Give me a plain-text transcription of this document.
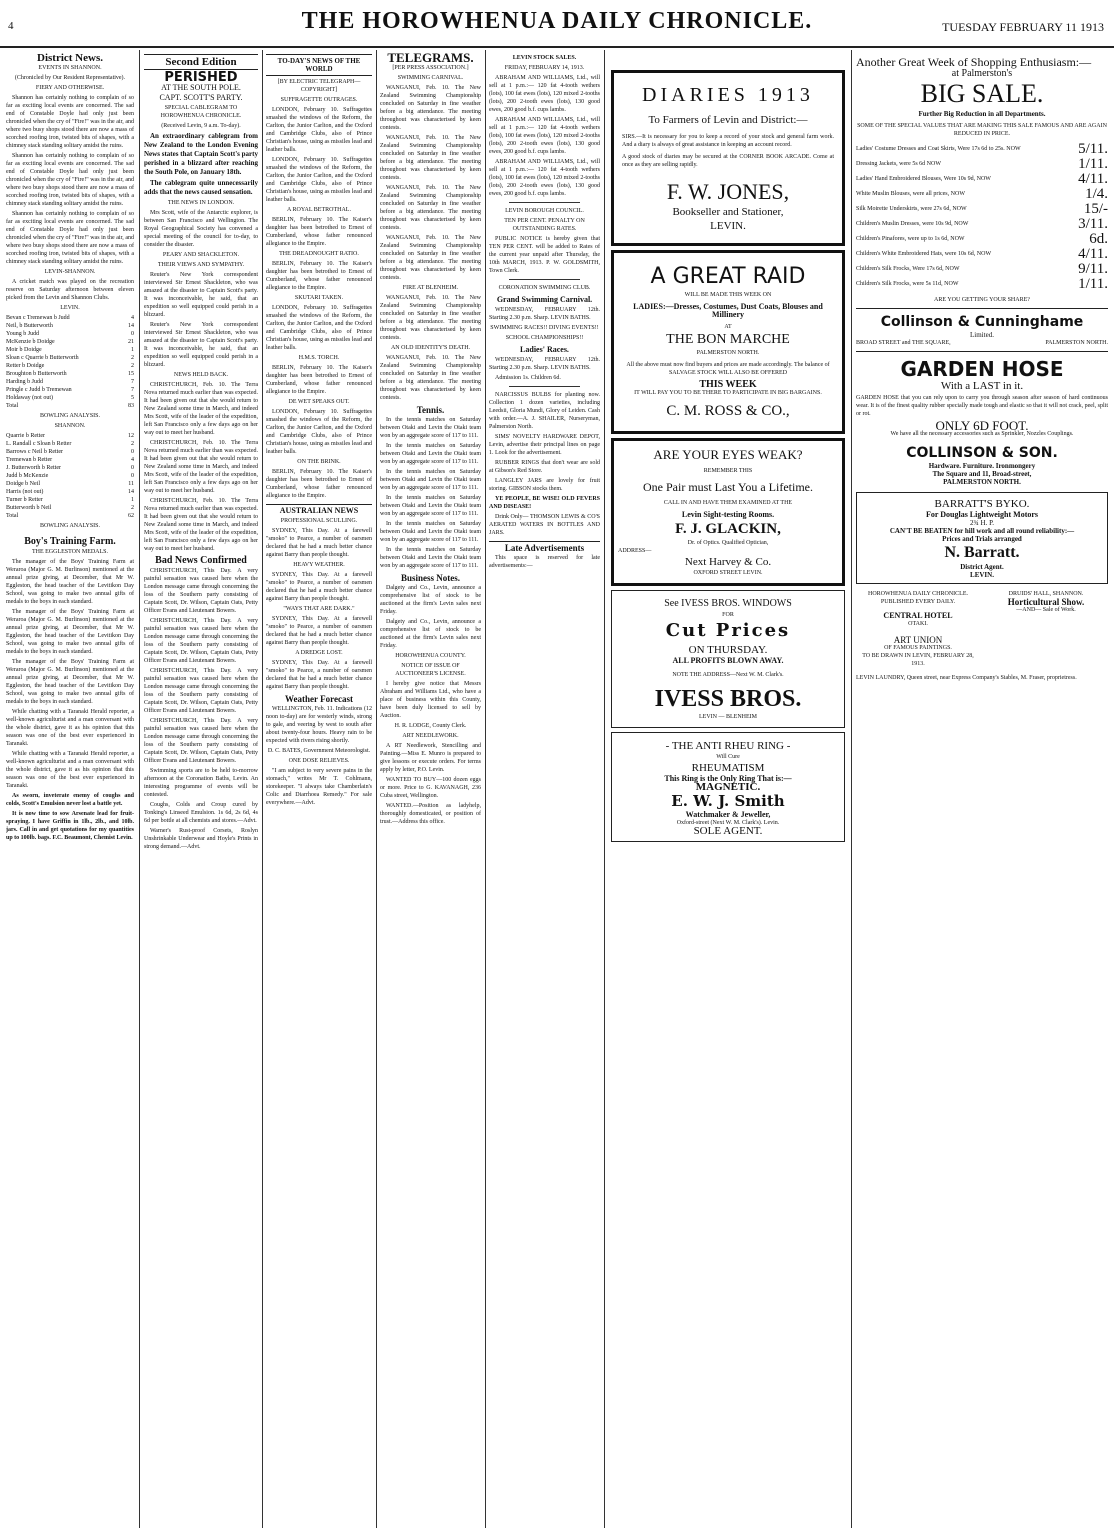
4	THE HOROWHENUA DAILY CHRONICLE.	TUESDAY FEBRUARY 11 1913
District News.
EVENTS IN SHANNON.
(Chronicled by Our Resident Representative).
FIERY AND OTHERWISE.

Shannon has certainly nothing to complain of so far as exciting local events are concerned. The sad end of Constable Doyle had only just been chronicled when the cry of "Fire!" was in the air, and where two busy shops stood there are now a mass of scorched roofing iron, twisted bits of shapes, with a chimney stack standing solitary amidst the ruins.

Shannon has certainly nothing to complain of so far as exciting local events are concerned. The sad end of Constable Doyle had only just been chronicled when the cry of "Fire!" was in the air, and where two busy shops stood there are now a mass of scorched roofing iron, twisted bits of shapes, with a chimney stack standing solitary amidst the ruins.

Shannon has certainly nothing to complain of so far as exciting local events are concerned. The sad end of Constable Doyle had only just been chronicled when the cry of "Fire!" was in the air, and where two busy shops stood there are now a mass of scorched roofing iron, twisted bits of shapes, with a chimney stack standing solitary amidst the ruins.

LEVIN-SHANNON.

A cricket match was played on the recreation reserve on Saturday afternoon between eleven picked from the Levin and Shannon Clubs.

LEVIN.
Bevan c Tremewan b Judd	4
Neil, b Butterworth	14
Young b Judd	0
McKenzie b Doidge	21
Moir b Doidge	1
Sloan c Quarrie b Butterworth	2
Retter b Doidge	2
Broughton b Butterworth	15
Harding b Judd	7
Pringle c Judd b Tremewan	7
Holdaway (not out)	5
Total	83
BOWLING ANALYSIS.
SHANNON.
Quarrie b Retter	12
L. Randall c Sloan b Retter	2
Barrows c Neil b Retter	0
Tremewan b Retter	4
J. Butterworth b Retter	0
Judd b McKenzie	0
Doidge b Neil	11
Harris (not out)	14
Turner b Retter	1
Butterworth b Neil	2
Total	62
BOWLING ANALYSIS.
Boy's Training Farm.
THE EGGLESTON MEDALS.

The manager of the Boys' Training Farm at Weraroa (Major G. M. Burlinson) mentioned at the annual prize giving, at December, that Mr W. Eggleston, the head teacher of the Levitikon Day School, was going to make two annual gifts of medals to the boys in each standard.

The manager of the Boys' Training Farm at Weraroa (Major G. M. Burlinson) mentioned at the annual prize giving, at December, that Mr W. Eggleston, the head teacher of the Levitikon Day School, was going to make two annual gifts of medals to the boys in each standard.

The manager of the Boys' Training Farm at Weraroa (Major G. M. Burlinson) mentioned at the annual prize giving, at December, that Mr W. Eggleston, the head teacher of the Levitikon Day School, was going to make two annual gifts of medals to the boys in each standard.

While chatting with a Taranaki Herald reporter, a well-known agriculturist and a man conversant with the whole district, gave it as his opinion that this season was one of the best ever experienced in Taranaki.

While chatting with a Taranaki Herald reporter, a well-known agriculturist and a man conversant with the whole district, gave it as his opinion that this season was one of the best ever experienced in Taranaki.

As sworn, inveterate enemy of coughs and colds, Scott's Emulsion never lost a battle yet.

It is now time to sow Arsenate lead for fruit-spraying. I have Griffin in 1lb., 2lb., and 10lb. jars. Call in and get quotations for my quantities up to 100lb. bags. F.C. Beaumont, Chemist Levin.

Second Edition
PERISHED
AT THE SOUTH POLE.
CAPT. SCOTT'S PARTY.
SPECIAL CABLEGRAM TO HOROWHENUA CHRONICLE.
(Received Levin, 9 a.m. To-day).

An extraordinary cablegram from New Zealand to the London Evening News states that Captain Scott's party perished in a blizzard after reaching the South Pole, on January 18th.

The cablegram quite unnecessarily adds that the news caused sensation.

THE NEWS IN LONDON.

Mrs Scott, wife of the Antarctic explorer, is between San Francisco and Wellington. The Royal Geographical Society has convened a special meeting of the council for to-day, to consider the disaster.

PEARY AND SHACKLETON.
THEIR VIEWS AND SYMPATHY.

Reuter's New York correspondent interviewed Sir Ernest Shackleton, who was amazed at the disaster to Captain Scott's party. It was inconceivable, he said, that an expedition so well equipped could perish in a blizzard.

Reuter's New York correspondent interviewed Sir Ernest Shackleton, who was amazed at the disaster to Captain Scott's party. It was inconceivable, he said, that an expedition so well equipped could perish in a blizzard.

NEWS HELD BACK.

CHRISTCHURCH, Feb. 10. The Terra Nova returned much earlier than was expected. It had been given out that she would return to New Zealand some time in March, and indeed Mrs Scott, wife of the leader of the expedition, left San Francisco only a few days ago on her way out to meet her husband.

CHRISTCHURCH, Feb. 10. The Terra Nova returned much earlier than was expected. It had been given out that she would return to New Zealand some time in March, and indeed Mrs Scott, wife of the leader of the expedition, left San Francisco only a few days ago on her way out to meet her husband.

CHRISTCHURCH, Feb. 10. The Terra Nova returned much earlier than was expected. It had been given out that she would return to New Zealand some time in March, and indeed Mrs Scott, wife of the leader of the expedition, left San Francisco only a few days ago on her way out to meet her husband.

Bad News Confirmed

CHRISTCHURCH, This Day. A very painful sensation was caused here when the London message came through concerning the loss of the Southern party consisting of Captain Scott, Dr. Wilson, Captain Oats, Petty Officer Evans and Lieutenant Bowers.

CHRISTCHURCH, This Day. A very painful sensation was caused here when the London message came through concerning the loss of the Southern party consisting of Captain Scott, Dr. Wilson, Captain Oats, Petty Officer Evans and Lieutenant Bowers.

CHRISTCHURCH, This Day. A very painful sensation was caused here when the London message came through concerning the loss of the Southern party consisting of Captain Scott, Dr. Wilson, Captain Oats, Petty Officer Evans and Lieutenant Bowers.

CHRISTCHURCH, This Day. A very painful sensation was caused here when the London message came through concerning the loss of the Southern party consisting of Captain Scott, Dr. Wilson, Captain Oats, Petty Officer Evans and Lieutenant Bowers.

Swimming sports are to be held to-morrow afternoon at the Coronation Baths, Levin. An interesting programme of events will be contested.

Coughs, Colds and Croup cured by Tonking's Linseed Emulsion. 1s 6d, 2s 6d, 4s 6d per bottle at all chemists and stores.—Advt.

Warner's Rust-proof Corsets, Roslyn Unshrinkable Underwear and Hoyle's Prints in strong demand.—Advt.

TO-DAY'S NEWS OF THE WORLD
[BY ELECTRIC TELEGRAPH—COPYRIGHT]
SUFFRAGETTE OUTRAGES.

LONDON, February 10. Suffragettes smashed the windows of the Reform, the Carlton, the Junior Carlton, and the Oxford and Cambridge Clubs, also of Prince Christian's house, using as missiles lead and leather balls.

LONDON, February 10. Suffragettes smashed the windows of the Reform, the Carlton, the Junior Carlton, and the Oxford and Cambridge Clubs, also of Prince Christian's house, using as missiles lead and leather balls.

A ROYAL BETROTHAL.

BERLIN, February 10. The Kaiser's daughter has been betrothed to Ernest of Cumberland, whose father renounced allegiance to the Empire.

THE DREADNOUGHT RATIO.

BERLIN, February 10. The Kaiser's daughter has been betrothed to Ernest of Cumberland, whose father renounced allegiance to the Empire.

SKUTARI TAKEN.

LONDON, February 10. Suffragettes smashed the windows of the Reform, the Carlton, the Junior Carlton, and the Oxford and Cambridge Clubs, also of Prince Christian's house, using as missiles lead and leather balls.

H.M.S. TORCH.

BERLIN, February 10. The Kaiser's daughter has been betrothed to Ernest of Cumberland, whose father renounced allegiance to the Empire.

DE WET SPEAKS OUT.

LONDON, February 10. Suffragettes smashed the windows of the Reform, the Carlton, the Junior Carlton, and the Oxford and Cambridge Clubs, also of Prince Christian's house, using as missiles lead and leather balls.

ON THE BRINK.

BERLIN, February 10. The Kaiser's daughter has been betrothed to Ernest of Cumberland, whose father renounced allegiance to the Empire.

AUSTRALIAN NEWS
PROFESSIONAL SCULLING.

SYDNEY, This Day. At a farewell "smoko" to Pearce, a number of oarsmen declared that he had a much better chance against Barry than people thought.

HEAVY WEATHER.

SYDNEY, This Day. At a farewell "smoko" to Pearce, a number of oarsmen declared that he had a much better chance against Barry than people thought.

"WAYS THAT ARE DARK."

SYDNEY, This Day. At a farewell "smoko" to Pearce, a number of oarsmen declared that he had a much better chance against Barry than people thought.

A DREDGE LOST.

SYDNEY, This Day. At a farewell "smoko" to Pearce, a number of oarsmen declared that he had a much better chance against Barry than people thought.

Weather Forecast

WELLINGTON, Feb. 11. Indications (12 noon to-day) are for westerly winds, strong to gale, and veering by west to south after about twenty-four hours. Heavy rain to be expected with rivers rising shortly.

D. C. BATES, Government Meteorologist.
ONE DOSE RELIEVES.

"I am subject to very severe pains in the stomach," writes Mr T. Cohlmann, storekeeper. "I always take Chamberlain's Colic and Diarrhoea Remedy." For sale everywhere.—Advt.

TELEGRAMS.
[PER PRESS ASSOCIATION.]
SWIMMING CARNIVAL.

WANGANUI, Feb. 10. The New Zealand Swimming Championship concluded on Saturday in fine weather before a big attendance. The meeting throughout was characterised by keen contests.

WANGANUI, Feb. 10. The New Zealand Swimming Championship concluded on Saturday in fine weather before a big attendance. The meeting throughout was characterised by keen contests.

WANGANUI, Feb. 10. The New Zealand Swimming Championship concluded on Saturday in fine weather before a big attendance. The meeting throughout was characterised by keen contests.

WANGANUI, Feb. 10. The New Zealand Swimming Championship concluded on Saturday in fine weather before a big attendance. The meeting throughout was characterised by keen contests.

FIRE AT BLENHEIM.

WANGANUI, Feb. 10. The New Zealand Swimming Championship concluded on Saturday in fine weather before a big attendance. The meeting throughout was characterised by keen contests.

AN OLD IDENTITY'S DEATH.

WANGANUI, Feb. 10. The New Zealand Swimming Championship concluded on Saturday in fine weather before a big attendance. The meeting throughout was characterised by keen contests.

Tennis.

In the tennis matches on Saturday between Otaki and Levin the Otaki team won by an aggregate score of 117 to 111.

In the tennis matches on Saturday between Otaki and Levin the Otaki team won by an aggregate score of 117 to 111.

In the tennis matches on Saturday between Otaki and Levin the Otaki team won by an aggregate score of 117 to 111.

In the tennis matches on Saturday between Otaki and Levin the Otaki team won by an aggregate score of 117 to 111.

In the tennis matches on Saturday between Otaki and Levin the Otaki team won by an aggregate score of 117 to 111.

In the tennis matches on Saturday between Otaki and Levin the Otaki team won by an aggregate score of 117 to 111.

Business Notes.

Dalgety and Co., Levin, announce a comprehensive list of stock to be auctioned at the firm's Levin sales next Friday.

Dalgety and Co., Levin, announce a comprehensive list of stock to be auctioned at the firm's Levin sales next Friday.

HOROWHENUA COUNTY.
NOTICE OF ISSUE OF AUCTIONEER'S LICENSE.

I hereby give notice that Messrs Abraham and Williams Ltd., who have a place of business within this County, have been duly licensed to sell by Auction.

H. R. LODGE, County Clerk.
ART NEEDLEWORK.

A RT Needlework, Stencilling and Painting.—Miss E. Munro is prepared to give lessons or execute orders. For terms apply by letter, P.O. Levin.

WANTED TO BUY—100 dozen eggs or more. Price to G. KAVANAGH, 236 Cuba street, Wellington.

WANTED.—Position as ladyhelp, thoroughly domesticated, or position of trust.—Address this office.

LEVIN STOCK SALES.
FRIDAY, FEBRUARY 14, 1913.

ABRAHAM AND WILLIAMS, Ltd., will sell at 1 p.m.:— 120 fat 4-tooth wethers (lots), 100 fat ewes (lots), 120 mixed 2-tooths (lots), 200 2-tooth ewes (lots), 130 good ewes, 200 good b.f. cups lambs.

ABRAHAM AND WILLIAMS, Ltd., will sell at 1 p.m.:— 120 fat 4-tooth wethers (lots), 100 fat ewes (lots), 120 mixed 2-tooths (lots), 200 2-tooth ewes (lots), 130 good ewes, 200 good b.f. cups lambs.

ABRAHAM AND WILLIAMS, Ltd., will sell at 1 p.m.:— 120 fat 4-tooth wethers (lots), 100 fat ewes (lots), 120 mixed 2-tooths (lots), 200 2-tooth ewes (lots), 130 good ewes, 200 good b.f. cups lambs.

LEVIN BOROUGH COUNCIL.
TEN PER CENT. PENALTY ON OUTSTANDING RATES.

PUBLIC NOTICE is hereby given that TEN PER CENT. will be added to Rates of the current year unpaid after Thursday, the 10th MARCH, 1913. P. W. GOLDSMITH, Town Clerk.

CORONATION SWIMMING CLUB.
Grand Swimming Carnival.

WEDNESDAY, FEBRUARY 12th. Starting 2.30 p.m. Sharp. LEVIN BATHS.

SWIMMING RACES!! DIVING EVENTS!!
SCHOOL CHAMPIONSHIPS!!
Ladies' Races.

WEDNESDAY, FEBRUARY 12th. Starting 2.30 p.m. Sharp. LEVIN BATHS.

Admission 1s. Children 6d.

NARCISSUS BULBS for planting now. Collection 1 dozen varieties, including Leedsii, Gloria Mundi, Glory of Leiden. Cash with order.—A. J. SHAILER, Nurseryman, Palmerston North.

SIMS' NOVELTY HARDWARE DEPOT, Levin, advertise their principal lines on page 1. Look for the advertisement.

RUBBER RINGS that don't wear are sold at Gibson's Red Store.

LANGLEY JARS are lovely for fruit storing. GIBSON stocks them.

YE PEOPLE, BE WISE! OLD FEVERS AND DISEASE!

Drink Only— THOMSON LEWIS & CO'S AERATED WATERS IN BOTTLES AND JARS.

Late Advertisements

This space is reserved for late advertisements:—

DIARIES 1913
To Farmers of Levin and District:—

SIRS.—It is necessary for you to keep a record of your stock and general farm work. And a diary is always of great assistance in keeping an account record.

A good stock of diaries may be secured at the CORNER BOOK ARCADE. Come at once as they are selling rapidly.

F. W. JONES,
Bookseller and Stationer,
LEVIN.
A GREAT RAID
WILL BE MADE THIS WEEK ON
LADIES:—Dresses, Costumes, Dust Coats, Blouses and Millinery
AT
THE BON MARCHE
PALMERSTON NORTH.

All the above must now find buyers and prices are made accordingly. The balance of SALVAGE STOCK WILL ALSO BE OFFERED

THIS WEEK
IT WILL PAY YOU TO BE THERE TO PARTICIPATE IN BIG BARGAINS.
C. M. ROSS & CO.,
ARE YOUR EYES WEAK?
REMEMBER THIS
One Pair must Last You a Lifetime.
CALL IN AND HAVE THEM EXAMINED AT THE
Levin Sight-testing Rooms.
F. J. GLACKIN,
Dr. of Optics. Qualified Optician,
ADDRESS—
Next Harvey & Co.
OXFORD STREET LEVIN.
See IVESS BROS. WINDOWS
FOR
Cut Prices
ON THURSDAY.
ALL PROFITS BLOWN AWAY.
NOTE THE ADDRESS—Next W. M. Clark's.
IVESS BROS.
LEVIN — BLENHEIM
- THE ANTI RHEU RING -
Will Cure
RHEUMATISM
This Ring is the Only Ring That is:—
MAGNETIC.
E. W. J. Smith
Watchmaker & Jeweller,
Oxford-street (Next W. M. Clark's). Levin.
SOLE AGENT.
Another Great Week of Shopping Enthusiasm:—
at Palmerston's
BIG SALE.
Further Big Reduction in all Departments.
SOME OF THE SPECIAL VALUES THAT ARE MAKING THIS SALE FAMOUS AND ARE AGAIN REDUCED IN PRICE.
Ladies' Costume Dresses and Coat Skirts, Were 17s 6d to 25s. NOW	5/11.
Dressing Jackets, were 5s 6d NOW	1/11.
Ladies' Hand Embroidered Blouses, Were 10s 9d, NOW	4/11.
White Muslin Blouses, were all prices, NOW	1/4.
Silk Moirette Underskirts, were 27s 6d, NOW	15/-
Children's Muslin Dresses, were 10s 9d, NOW	3/11.
Children's Pinafores, were up to 1s 6d, NOW	6d.
Children's White Embroidered Hats, were 10s 6d, NOW	4/11.
Children's Silk Frocks, Were 17s 6d, NOW	9/11.
Children's Silk Frocks, were 5s 11d, NOW	1/11.
ARE YOU GETTING YOUR SHARE?
Collinson & Cunninghame
Limited.
BROAD STREET and THE SQUARE,	PALMERSTON NORTH.
GARDEN HOSE
With a LAST in it.

GARDEN HOSE that you can rely upon to carry you through season after season of hard continuous wear. It is of the finest quality rubber specially made tough and elastic so that it will not crack, peel, split or rot.

ONLY 6D FOOT.
We have all the necessary accessories such as Sprinkler, Nozzles Couplings.
COLLINSON & SON.
Hardware. Furniture. Ironmongery
The Square and 11, Broad-street,
PALMERSTON NORTH.
BARRATT'S BYKO.
For Douglas Lightweight Motors
2¾ H. P.
CAN'T BE BEATEN for hill work and all round reliability:—
Prices and Trials arranged
N. Barratt.
District Agent.
LEVIN.
HOROWHENUA DAILY CHRONICLE.
PUBLISHED EVERY DAILY.
CENTRAL HOTEL
OTAKI.
ART UNION
OF FAMOUS PAINTINGS.
TO BE DRAWN IN LEVIN, FEBRUARY 28, 1913.
DRUIDS' HALL, SHANNON.
Horticultural Show.
—AND— Sale of Work.

LEVIN LAUNDRY, Queen street, near Express Company's Stables, M. Fraser, proprietress.
